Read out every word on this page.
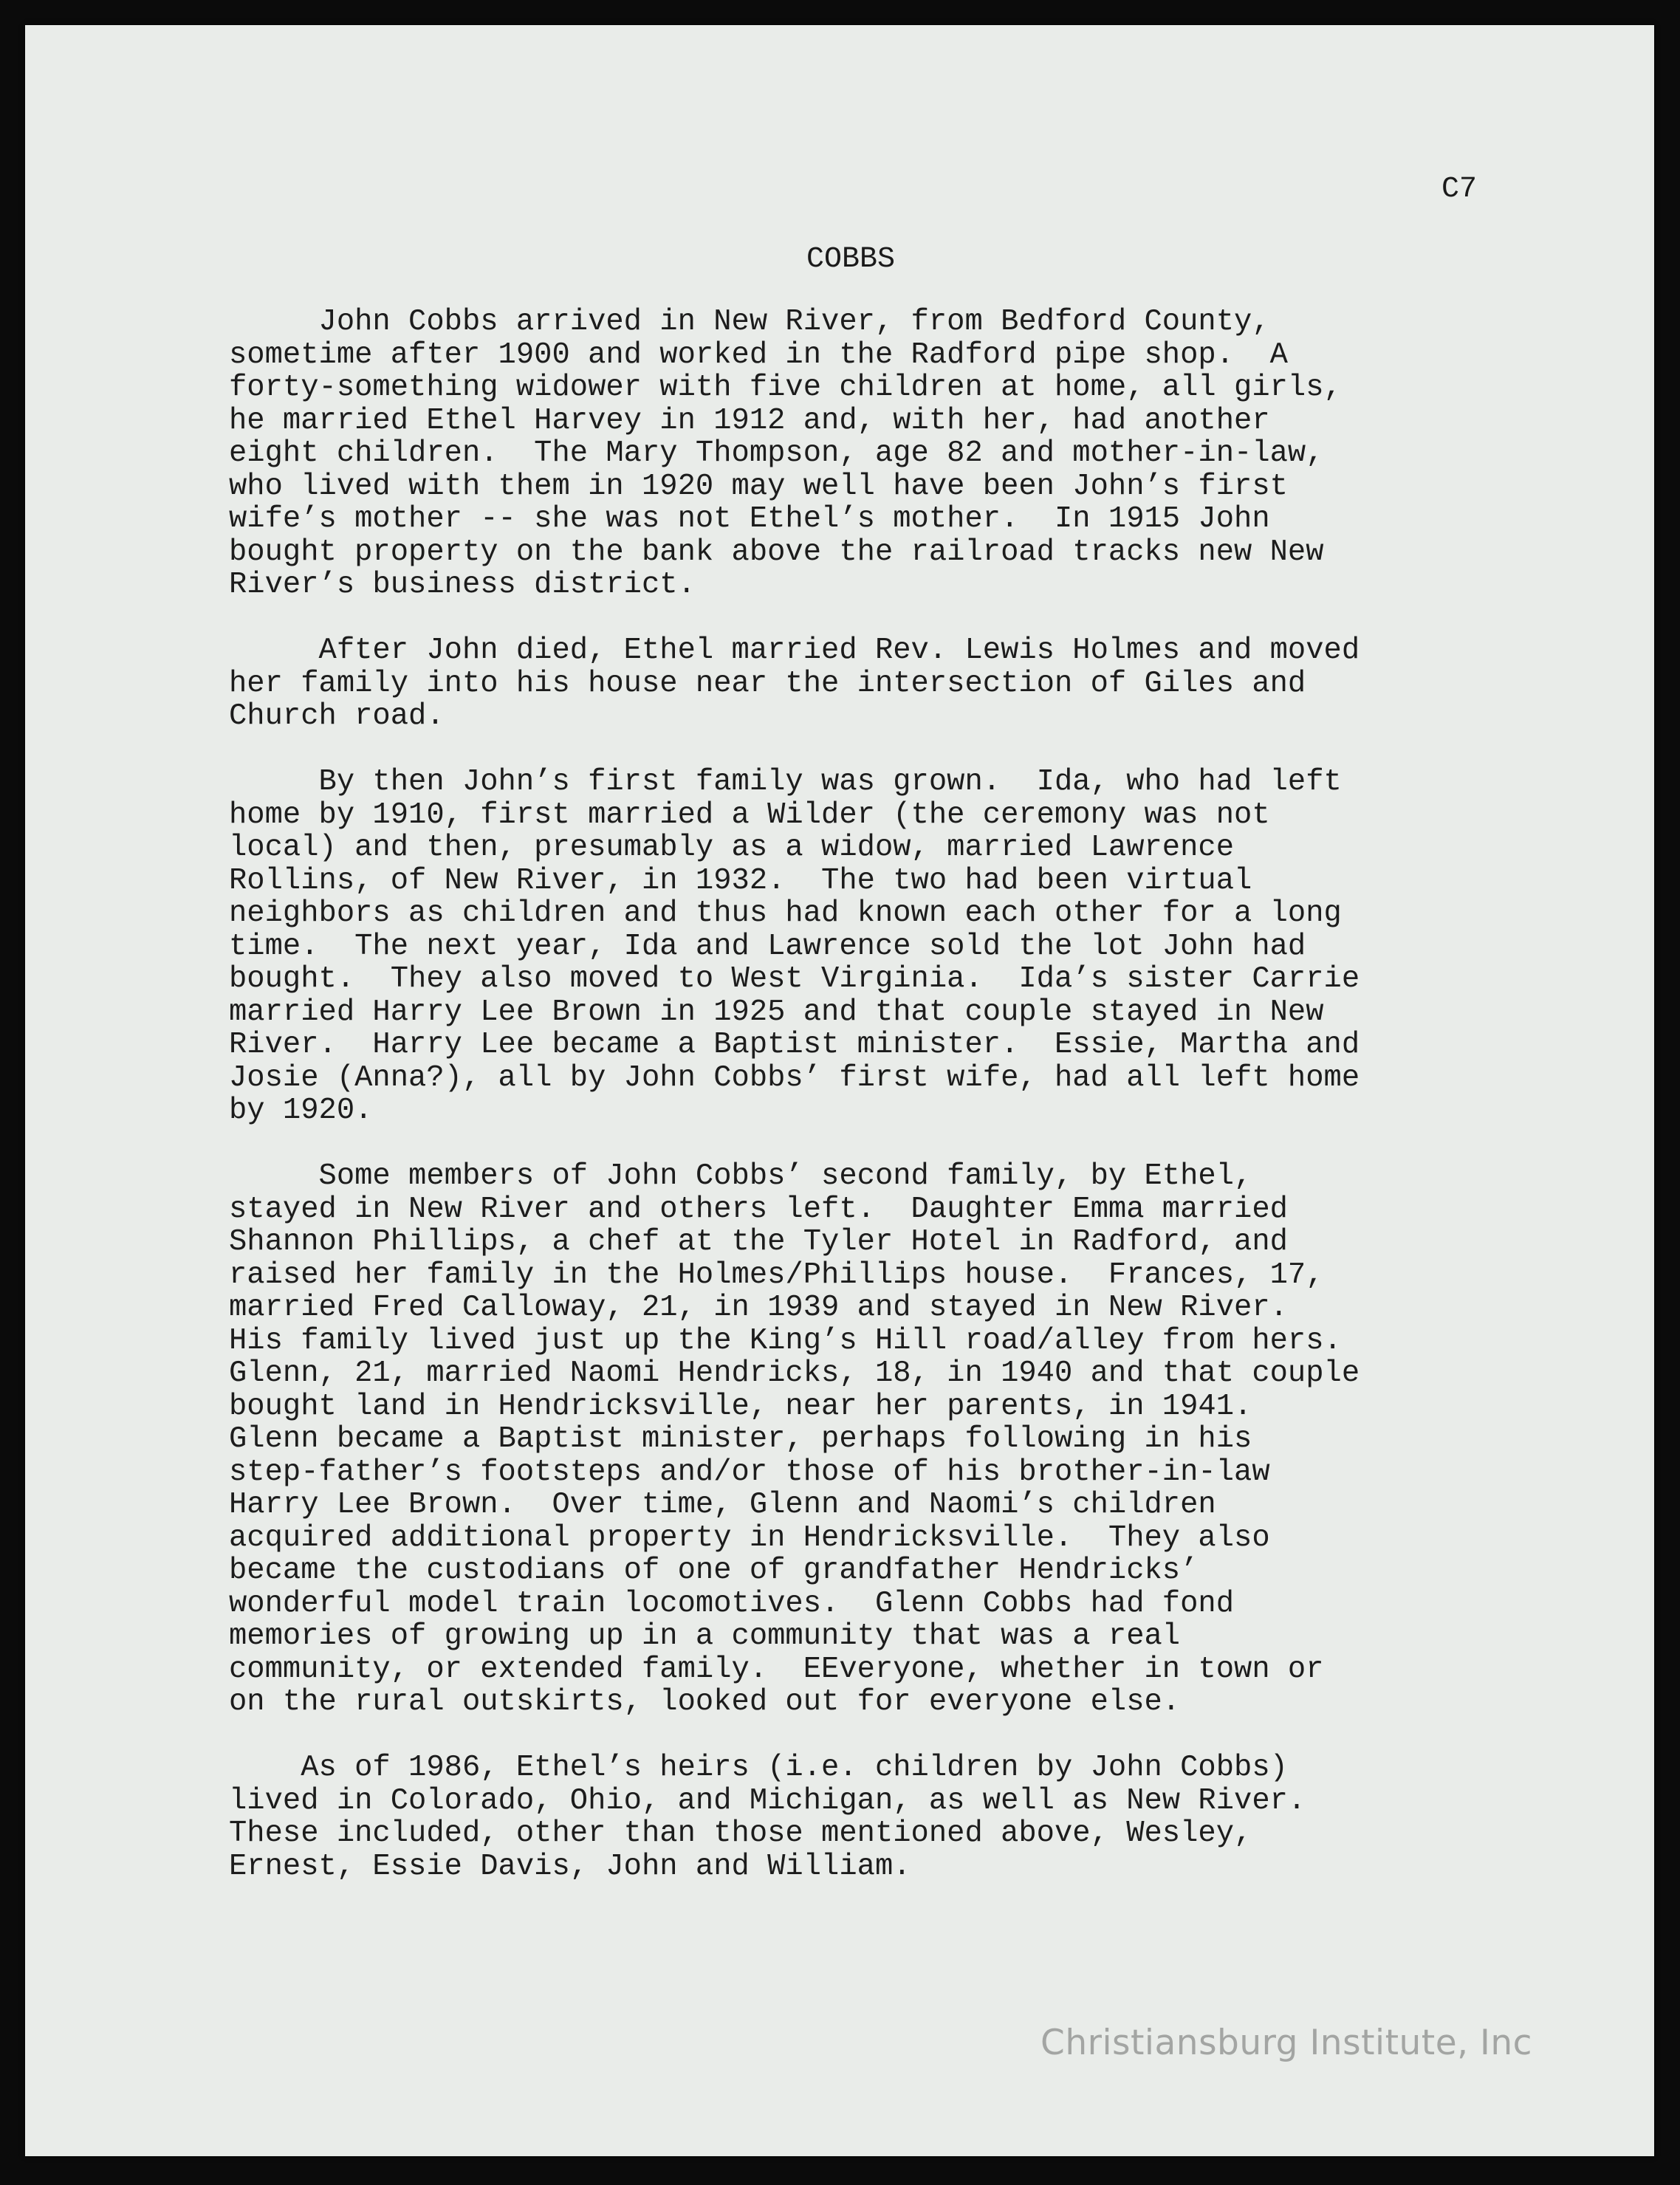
C7
COBBS
John Cobbs arrived in New River, from Bedford County,
sometime after 1900 and worked in the Radford pipe shop.  A
forty-something widower with five children at home, all girls,
he married Ethel Harvey in 1912 and, with her, had another
eight children.  The Mary Thompson, age 82 and mother-in-law,
who lived with them in 1920 may well have been John’s first
wife’s mother -- she was not Ethel’s mother.  In 1915 John
bought property on the bank above the railroad tracks new New
River’s business district.
After John died, Ethel married Rev. Lewis Holmes and moved
her family into his house near the intersection of Giles and
Church road.
By then John’s first family was grown.  Ida, who had left
home by 1910, first married a Wilder (the ceremony was not
local) and then, presumably as a widow, married Lawrence
Rollins, of New River, in 1932.  The two had been virtual
neighbors as children and thus had known each other for a long
time.  The next year, Ida and Lawrence sold the lot John had
bought.  They also moved to West Virginia.  Ida’s sister Carrie
married Harry Lee Brown in 1925 and that couple stayed in New
River.  Harry Lee became a Baptist minister.  Essie, Martha and
Josie (Anna?), all by John Cobbs’ first wife, had all left home
by 1920.
Some members of John Cobbs’ second family, by Ethel,
stayed in New River and others left.  Daughter Emma married
Shannon Phillips, a chef at the Tyler Hotel in Radford, and
raised her family in the Holmes/Phillips house.  Frances, 17,
married Fred Calloway, 21, in 1939 and stayed in New River.
His family lived just up the King’s Hill road/alley from hers.
Glenn, 21, married Naomi Hendricks, 18, in 1940 and that couple
bought land in Hendricksville, near her parents, in 1941.
Glenn became a Baptist minister, perhaps following in his
step-father’s footsteps and/or those of his brother-in-law
Harry Lee Brown.  Over time, Glenn and Naomi’s children
acquired additional property in Hendricksville.  They also
became the custodians of one of grandfather Hendricks’
wonderful model train locomotives.  Glenn Cobbs had fond
memories of growing up in a community that was a real
community, or extended family.  EEveryone, whether in town or
on the rural outskirts, looked out for everyone else.
As of 1986, Ethel’s heirs (i.e. children by John Cobbs)
lived in Colorado, Ohio, and Michigan, as well as New River.
These included, other than those mentioned above, Wesley,
Ernest, Essie Davis, John and William.
Christiansburg Institute, Inc
